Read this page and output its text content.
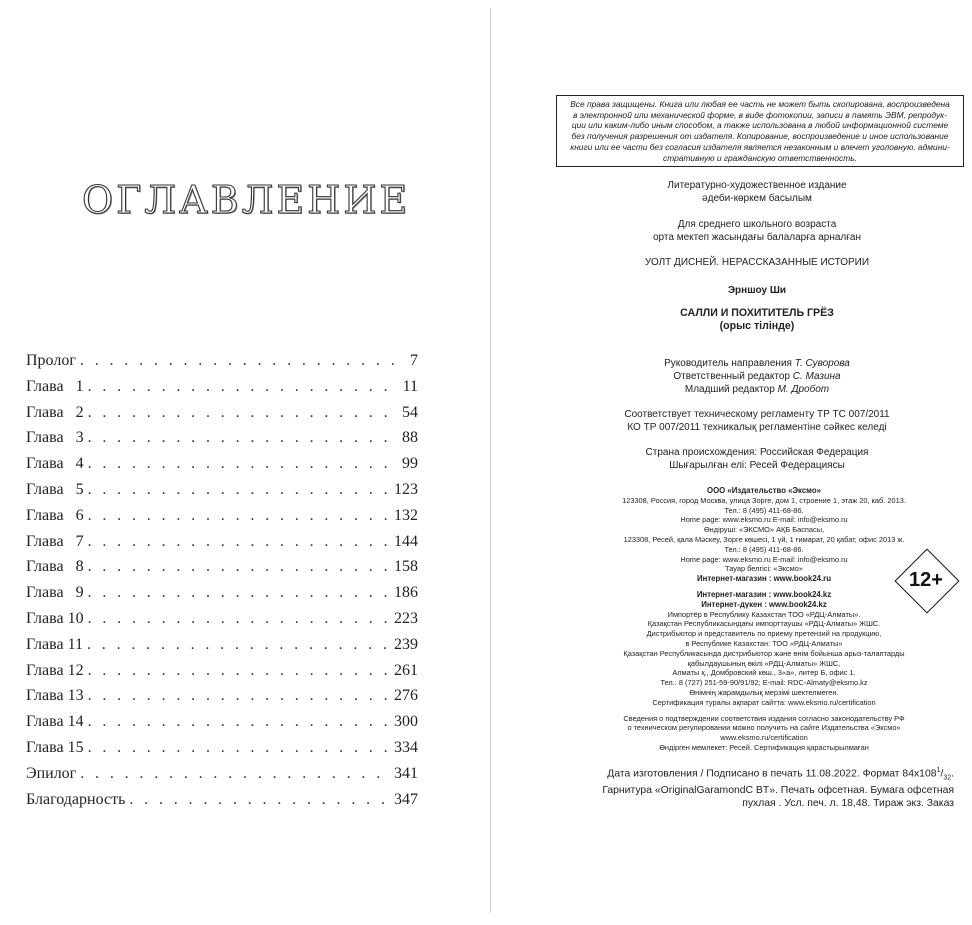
ОГЛАВЛЕНИЕ
Пролог . . .	7
Глава   1 . . .	11
Глава   2 . . .	54
Глава   3 . . .	88
Глава   4 . . .	99
Глава   5 . . .	123
Глава   6 . . .	132
Глава   7 . . .	144
Глава   8 . . .	158
Глава   9 . . .	186
Глава 10 . . .	223
Глава 11 . . .	239
Глава 12 . . .	261
Глава 13 . . .	276
Глава 14 . . .	300
Глава 15 . . .	334
Эпилог . . .	341
Благодарность . . .	347
Все права защищены. Книга или любая ее часть не может быть скопирована, воспроизведена
в электронной или механической форме, в виде фотокопии, записи в память ЭВМ, репродук-
ции или каким-либо иным способом, а также использована в любой информационной системе
без получения разрешения от издателя. Копирование, воспроизведение и иное использование
книги или ее части без согласия издателя является незаконным и влечет уголовную, админи-
стративную и гражданскую ответственность.
Литературно-художественное издание
әдеби-көркем басылым
Для среднего школьного возраста
орта мектеп жасындағы балаларға арналған
УОЛТ ДИСНЕЙ. НЕРАССКАЗАННЫЕ ИСТОРИИ
Эрншоу Ши
САЛЛИ И ПОХИТИТЕЛЬ ГРЁЗ
(орыс тілінде)
Руководитель направления Т. Суворова
Ответственный редактор С. Мазина
Младший редактор М. Дробот
Соответствует техническому регламенту ТР ТС 007/2011
КО ТР 007/2011 техникалық регламентіне сәйкес келеді
Страна происхождения: Российская Федерация
Шығарылған елі: Ресей Федерациясы
ООО «Издательство «Эксмо»
123308, Россия, город Москва, улица Зорге, дом 1, строение 1, этаж 20, каб. 2013.
Тел.: 8 (495) 411-68-86.
Home page: www.eksmo.ru E-mail: info@eksmo.ru
Өндіруші: «ЭКСМО» АҚБ Баспасы,
123308, Ресей, қала Мәскеу, Зорге көшесі, 1 үй, 1 ғимарат, 20 қабат, офис 2013 ж.
Тел.: 8 (495) 411-68-86.
Home page: www.eksmo.ru E-mail: info@eksmo.ru
Тауар белгісі: «Эксмо»
Интернет-магазин : www.book24.ru
Интернет-магазин : www.book24.kz
Интернет-дүкен : www.book24.kz
Импортёр в Республику Казахстан ТОО «РДЦ-Алматы».
Қазақстан Республикасындағы импорттаушы «РДЦ-Алматы» ЖШС.
Дистрибьютор и представитель по приему претензий на продукцию,
в Республике Казахстан: ТОО «РДЦ-Алматы»
Қазақстан Республикасында дистрибьютор және өнім бойынша арыз-талаптарды
қабылдаушының өкілі «РДЦ-Алматы» ЖШС,
Алматы қ., Домбровский көш., 3«а», литер Б, офис 1.
Тел.: 8 (727) 251-59-90/91/92; E-mail: RDC-Almaty@eksmo.kz
Өнімнің жарамдылық мерзімі шектелмеген.
Сертификация туралы ақпарат сайтта: www.eksmo.ru/certification
Сведения о подтверждении соответствия издания согласно законодательству РФ
о техническом регулировании можно получить на сайте Издательства «Эксмо»
www.eksmo.ru/certification
Өндірген мемлекет: Ресей. Сертификация қарастырылмаған
12+
Дата изготовления / Подписано в печать 11.08.2022. Формат $84х108^1/_{32}$.
Гарнитура «OriginalGaramondC BT». Печать офсетная. Бумага офсетная
пухлая . Усл. печ. л. 18,48. Тираж экз. Заказ
